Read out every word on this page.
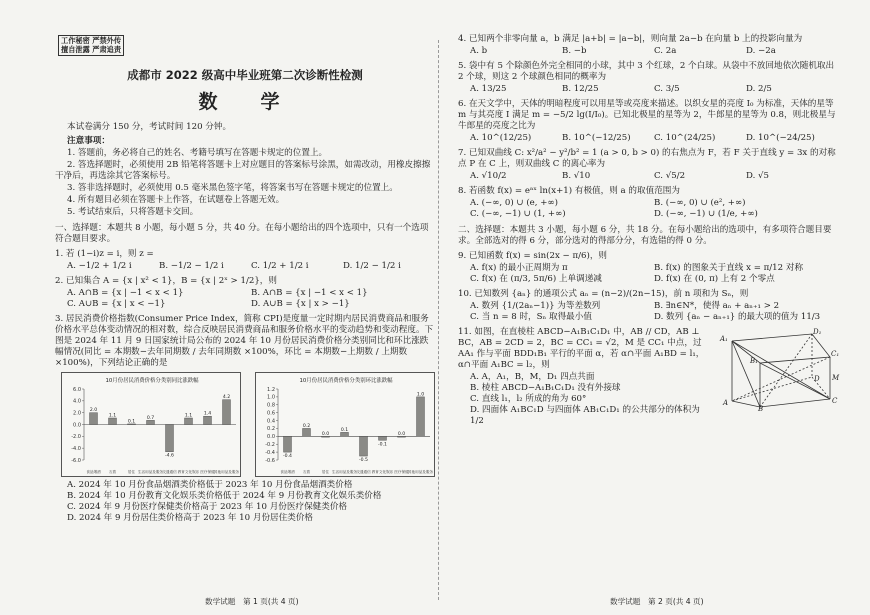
工作秘密 严禁外传
擅自泄露 严肃追责
成都市 2022 级高中毕业班第二次诊断性检测
数　学
本试卷满分 150 分，考试时间 120 分钟。
注意事项：
1. 答题前，务必将自己的姓名、考籍号填写在答题卡规定的位置上。
2. 答选择题时，必须使用 2B 铅笔将答题卡上对应题目的答案标号涂黑，如需改动，用橡皮擦擦干净后，再选涂其它答案标号。
3. 答非选择题时，必须使用 0.5 毫米黑色签字笔，将答案书写在答题卡规定的位置上。
4. 所有题目必须在答题卡上作答，在试题卷上答题无效。
5. 考试结束后，只将答题卡交回。
一、选择题：本题共 8 小题，每小题 5 分，共 40 分。在每小题给出的四个选项中，只有一个选项符合题目要求。
1. 若 (1−i)z = i，则 z =
A. −1/2 + 1/2 i	B. −1/2 − 1/2 i	C. 1/2 + 1/2 i	D. 1/2 − 1/2 i
2. 已知集合 A = {x | x² < 1}，B = {x | 2ˣ > 1/2}，则
A. A∩B = {x | −1 < x < 1}	B. A∩B = {x | −1 < x < 1}
C. A∪B = {x | x < −1}	D. A∪B = {x | x > −1}
3. 居民消费价格指数(Consumer Price Index，简称 CPI)是度量一定时期内居民消费商品和服务价格水平总体变动情况的相对数，综合反映居民消费商品和服务价格水平的变动趋势和变动程度。下图是 2024 年 11 月 9 日国家统计局公布的 2024 年 10 月份居民消费价格分类别同比和环比涨跌幅情况(同比 = 本期数−去年同期数 / 去年同期数 ×100%，环比 = 本期数−上期数 / 上期数 ×100%)，下列结论正确的是
10月份居民消费价格分类别同比涨跌幅
6.0
4.0
2.0
0.0
-2.0
-4.0
-6.0
2.0
食品烟酒
1.1
衣着
0.1
居住
0.7
生活用品及服务
-4.6
交通通信
1.1
教育文化娱乐
1.4
医疗保健
4.2
其他用品及服务
10月份居民消费价格分类别环比涨跌幅
1.2
1.0
0.8
0.6
0.4
0.2
0.0
-0.2
-0.4
-0.6
-0.4
食品烟酒
0.2
衣着
0.0
居住
0.1
生活用品及服务
-0.5
交通通信
-0.1
教育文化娱乐
0.0
医疗保健
1.0
其他用品及服务
A. 2024 年 10 月份食品烟酒类价格低于 2023 年 10 月份食品烟酒类价格
B. 2024 年 10 月份教育文化娱乐类价格低于 2024 年 9 月份教育文化娱乐类价格
C. 2024 年 9 月份医疗保健类价格高于 2023 年 10 月份医疗保健类价格
D. 2024 年 9 月份居住类价格高于 2023 年 10 月份居住类价格
4. 已知两个非零向量 a，b 满足 |a+b| = |a−b|，则向量 2a−b 在向量 b 上的投影向量为
A. b	B. −b	C. 2a	D. −2a
5. 袋中有 5 个除颜色外完全相同的小球，其中 3 个红球，2 个白球。从袋中不放回地依次随机取出 2 个球，则这 2 个球颜色相同的概率为
A. 13/25	B. 12/25	C. 3/5	D. 2/5
6. 在天文学中，天体的明暗程度可以用星等或亮度来描述。以织女星的亮度 I₀ 为标准，天体的星等 m 与其亮度 I 满足 m = −5/2 lg(I/I₀)。已知北极星的星等为 2，牛郎星的星等为 0.8，则北极星与牛郎星的亮度之比为
A. 10^(12/25)	B. 10^(−12/25)	C. 10^(24/25)	D. 10^(−24/25)
7. 已知双曲线 C: x²/a² − y²/b² = 1 (a > 0, b > 0) 的右焦点为 F，若 F 关于直线 y = 3x 的对称点 P 在 C 上，则双曲线 C 的离心率为
A. √10/2	B. √10	C. √5/2	D. √5
8. 若函数 f(x) = eᵃˣ ln(x+1) 有极值，则 a 的取值范围为
A. (−∞, 0) ∪ (e, +∞)	B. (−∞, 0) ∪ (e², +∞)
C. (−∞, −1) ∪ (1, +∞)	D. (−∞, −1) ∪ (1/e, +∞)
二、选择题：本题共 3 小题，每小题 6 分，共 18 分。在每小题给出的选项中，有多项符合题目要求。全部选对的得 6 分，部分选对的得部分分，有选错的得 0 分。
9. 已知函数 f(x) = sin(2x − π/6)，则
A. f(x) 的最小正周期为 π	B. f(x) 的图象关于直线 x = π/12 对称
C. f(x) 在 (π/3, 5π/6) 上单调递减	D. f(x) 在 (0, π) 上有 2 个零点
10. 已知数列 {aₙ} 的通项公式 aₙ = (n−2)/(2n−15)，前 n 项和为 Sₙ，则
A. 数列 {1/(2aₙ−1)} 为等差数列	B. ∃n∈N*，使得 aₙ + aₙ₊₁ > 2
C. 当 n = 8 时，Sₙ 取得最小值	D. 数列 {aₙ − aₙ₊₁} 的最大项的值为 11/3
A₁
D₁
C₁
B₁
A
B
C
D M
11. 如图，在直棱柱 ABCD−A₁B₁C₁D₁ 中，AB // CD，AB ⊥ BC，AB = 2CD = 2，BC = CC₁ = √2，M 是 CC₁ 中点，过 AA₁ 作与平面 BDD₁B₁ 平行的平面 α，若 α∩平面 A₁BD = l₁，α∩平面 A₁BC = l₂，则
A. A，A₁，B，M，D₁ 四点共面
B. 棱柱 ABCD−A₁B₁C₁D₁ 没有外接球
C. 直线 l₁，l₂ 所成的角为 60°
D. 四面体 A₁BC₁D 与四面体 AB₁C₁D₁ 的公共部分的体积为 1/2
数学试题　第 1 页(共 4 页)	数学试题　第 2 页(共 4 页)
